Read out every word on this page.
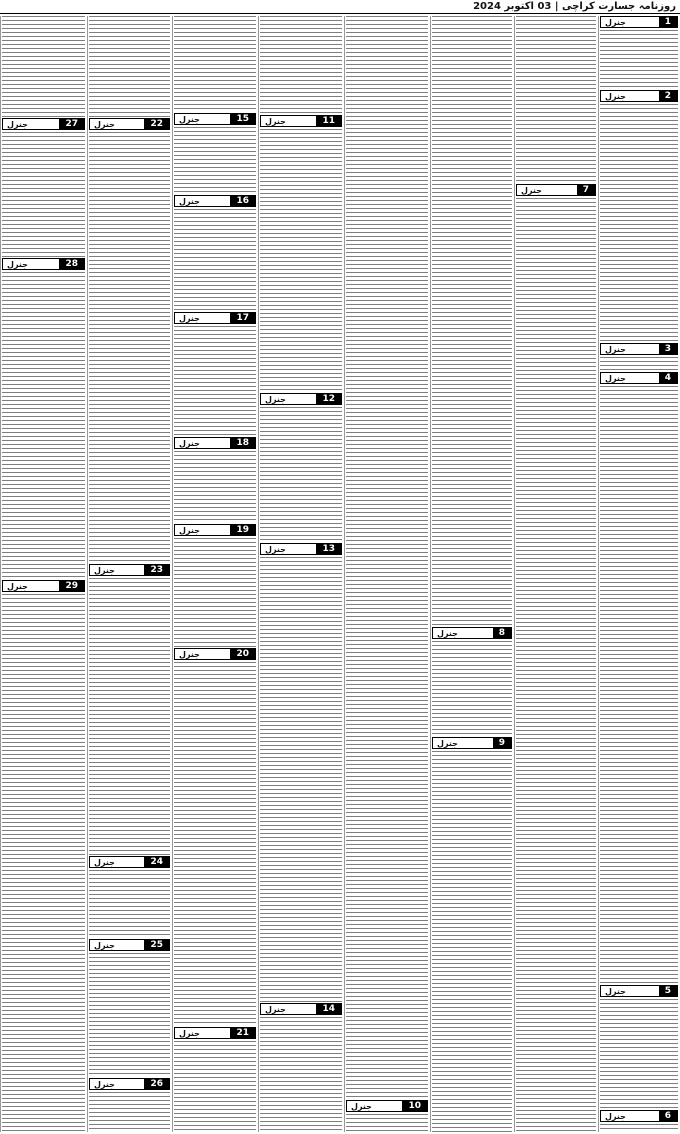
روزنامہ جسارت کراچی | 03 اکتوبر 2024
جنرل	1
جنرل	2
جنرل	3
جنرل	4
جنرل	5
جنرل	6
جنرل	7
جنرل	8
جنرل	9
جنرل	10
جنرل	11
جنرل	12
جنرل	13
جنرل	14
جنرل	15
جنرل	16
جنرل	17
جنرل	18
جنرل	19
جنرل	20
جنرل	21
جنرل	22
جنرل	23
جنرل	24
جنرل	25
جنرل	26
جنرل	27
جنرل	28
جنرل	29
